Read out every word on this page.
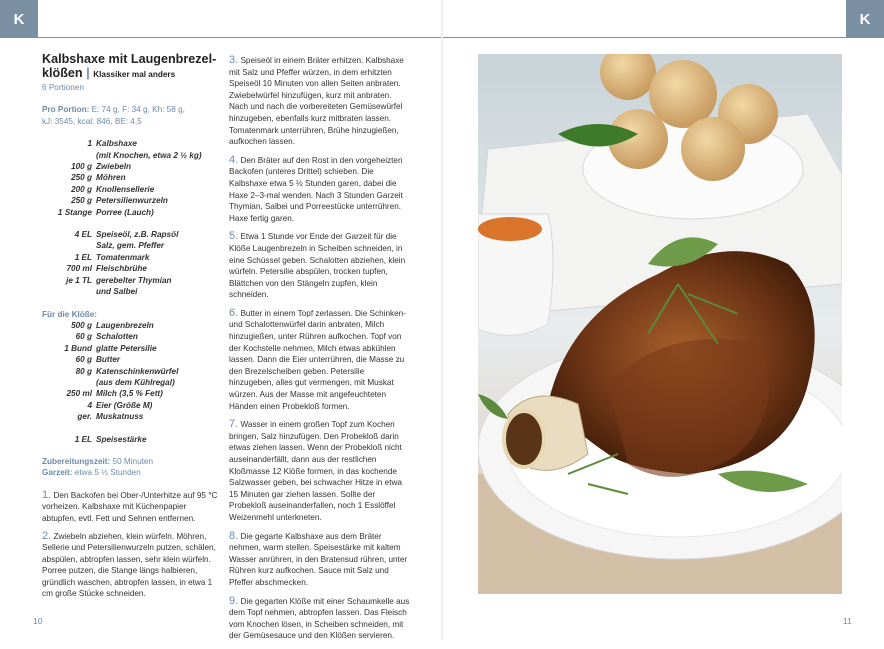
K	K
Kalbshaxe mit Laugenbrezel-
klößen | Klassiker mal anders
6 Portionen
Pro Portion: E: 74 g, F: 34 g, Kh: 58 g,
kJ: 3545, kcal: 846, BE: 4,5
1 Kalbshaxe
(mit Knochen, etwa 2 ½ kg)
100 g Zwiebeln
250 g Möhren
200 g Knollensellerie
250 g Petersilienwurzeln
1 Stange Porree (Lauch)
4 EL Speiseöl, z.B. Rapsöl
Salz, gem. Pfeffer
1 EL Tomatenmark
700 ml Fleischbrühe
je 1 TL gerebelter Thymian
und Salbei
Für die Klöße:
500 g Laugenbrezeln
60 g Schalotten
1 Bund glatte Petersilie
60 g Butter
80 g Katenschinkenwürfel
(aus dem Kühlregal)
250 ml Milch (3,5 % Fett)
4 Eier (Größe M)
ger. Muskatnuss
1 EL Speisestärke
Zubereitungszeit: 50 Minuten
Garzeit: etwa 5 ½ Stunden
1. Den Backofen bei Ober-/Unterhitze auf 95 °C vorheizen. Kalbshaxe mit Küchenpapier abtupfen, evtl. Fett und Sehnen entfernen.
2. Zwiebeln abziehen, klein würfeln. Möhren, Sellerie und Petersilienwurzeln putzen, schälen, abspülen, abtropfen lassen, sehr klein würfeln. Porree putzen, die Stange längs halbieren, gründlich waschen, abtropfen lassen, in etwa 1 cm große Stücke schneiden.
3. Speiseöl in einem Bräter erhitzen. Kalbshaxe mit Salz und Pfeffer würzen, in dem erhitzten Speiseöl 10 Minuten von allen Seiten anbraten. Zwiebelwürfel hinzufügen, kurz mit anbraten. Nach und nach die vorbereiteten Gemüsewürfel hinzugeben, ebenfalls kurz mitbraten lassen. Tomatenmark unterrühren, Brühe hinzugießen, aufkochen lassen.
4. Den Bräter auf den Rost in den vorgeheizten Backofen (unteres Drittel) schieben. Die Kalbshaxe etwa 5 ½ Stunden garen, dabei die Haxe 2–3-mal wenden. Nach 3 Stunden Garzeit Thymian, Salbei und Porreestücke unterrühren. Haxe fertig garen.
5. Etwa 1 Stunde vor Ende der Garzeit für die Klöße Laugenbrezeln in Scheiben schneiden, in eine Schüssel geben. Schalotten abziehen, klein würfeln. Petersilie abspülen, trocken tupfen, Blättchen von den Stängeln zupfen, klein schneiden.
6. Butter in einem Topf zerlassen. Die Schinken- und Schalottenwürfel darin anbraten, Milch hinzugießen, unter Rühren aufkochen. Topf von der Kochstelle nehmen, Milch etwas abkühlen lassen. Dann die Eier unterrühren, die Masse zu den Brezelscheiben geben. Petersilie hinzugeben, alles gut vermengen, mit Muskat würzen. Aus der Masse mit angefeuchteten Händen einen Probekloß formen.
7. Wasser in einem großen Topf zum Kochen bringen, Salz hinzufügen. Den Probekloß darin etwas ziehen lassen. Wenn der Probekloß nicht auseinanderfällt, dann aus der restlichen Kloßmasse 12 Klöße formen, in das kochende Salzwasser geben, bei schwacher Hitze in etwa 15 Minuten gar ziehen lassen. Sollte der Probekloß auseinanderfallen, noch 1 Esslöffel Weizenmehl unterkneten.
8. Die gegarte Kalbshaxe aus dem Bräter nehmen, warm stellen. Speisestärke mit kaltem Wasser anrühren, in den Bratensud rühren, unter Rühren kurz aufkochen. Sauce mit Salz und Pfeffer abschmecken.
9. Die gegarten Klöße mit einer Schaumkelle aus dem Topf nehmen, abtropfen lassen. Das Fleisch vom Knochen lösen, in Scheiben schneiden, mit der Gemüsesauce und den Klößen servieren.
10	11
